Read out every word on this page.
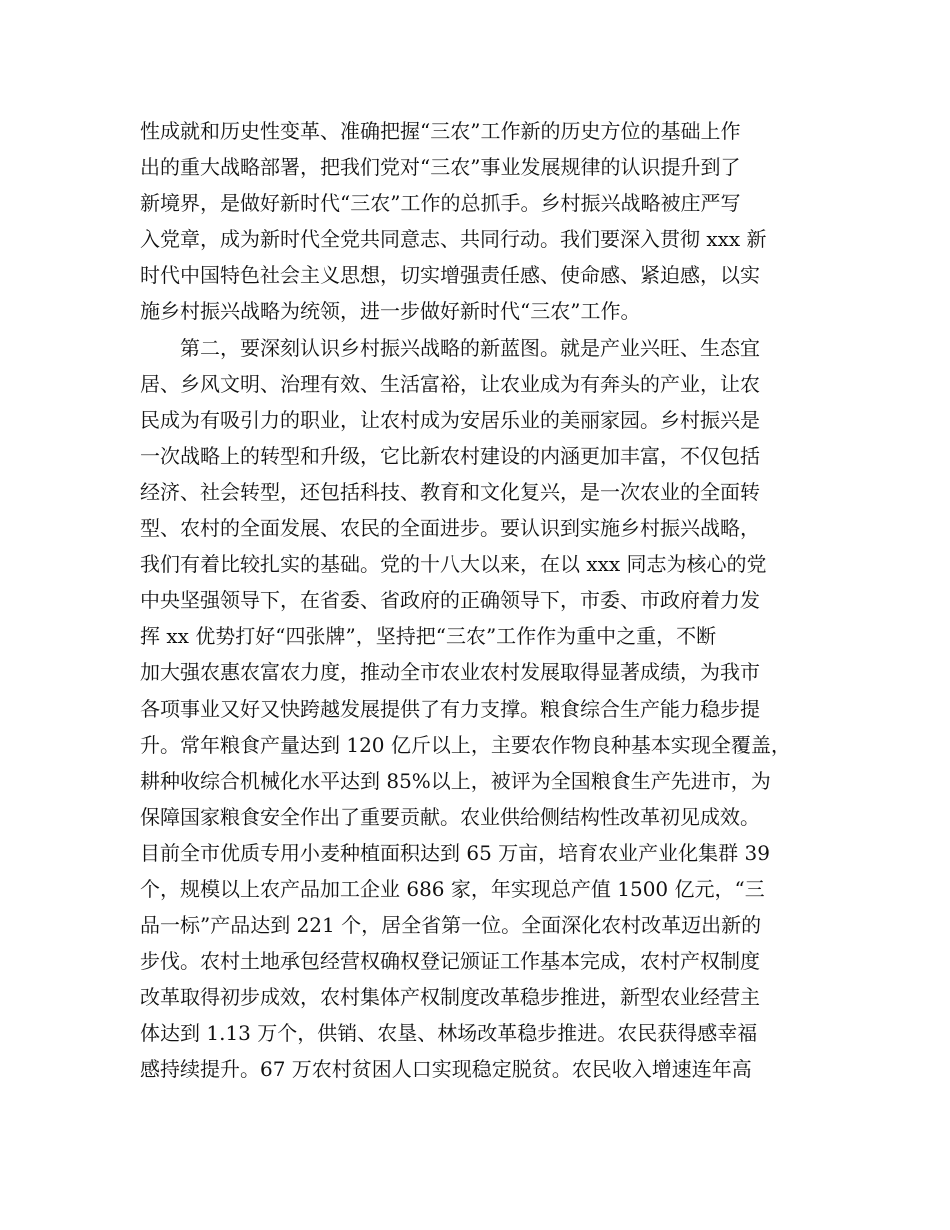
性成就和历史性变革、准确把握“三农”工作新的历史方位的基础上作
出的重大战略部署，把我们党对“三农”事业发展规律的认识提升到了
新境界，是做好新时代“三农”工作的总抓手。乡村振兴战略被庄严写
入党章，成为新时代全党共同意志、共同行动。我们要深入贯彻 xxx 新
时代中国特色社会主义思想，切实增强责任感、使命感、紧迫感，以实
施乡村振兴战略为统领，进一步做好新时代“三农”工作。
第二，要深刻认识乡村振兴战略的新蓝图。就是产业兴旺、生态宜
居、乡风文明、治理有效、生活富裕，让农业成为有奔头的产业，让农
民成为有吸引力的职业，让农村成为安居乐业的美丽家园。乡村振兴是
一次战略上的转型和升级，它比新农村建设的内涵更加丰富，不仅包括
经济、社会转型，还包括科技、教育和文化复兴，是一次农业的全面转
型、农村的全面发展、农民的全面进步。要认识到实施乡村振兴战略，
我们有着比较扎实的基础。党的十八大以来，在以 xxx 同志为核心的党
中央坚强领导下，在省委、省政府的正确领导下，市委、市政府着力发
挥 xx 优势打好“四张牌”，坚持把“三农”工作作为重中之重，不断
加大强农惠农富农力度，推动全市农业农村发展取得显著成绩，为我市
各项事业又好又快跨越发展提供了有力支撑。粮食综合生产能力稳步提
升。常年粮食产量达到 120 亿斤以上，主要农作物良种基本实现全覆盖，
耕种收综合机械化水平达到 85%以上，被评为全国粮食生产先进市，为
保障国家粮食安全作出了重要贡献。农业供给侧结构性改革初见成效。
目前全市优质专用小麦种植面积达到 65 万亩，培育农业产业化集群 39
个，规模以上农产品加工企业 686 家，年实现总产值 1500 亿元，“三
品一标”产品达到 221 个，居全省第一位。全面深化农村改革迈出新的
步伐。农村土地承包经营权确权登记颁证工作基本完成，农村产权制度
改革取得初步成效，农村集体产权制度改革稳步推进，新型农业经营主
体达到 1.13 万个，供销、农垦、林场改革稳步推进。农民获得感幸福
感持续提升。67 万农村贫困人口实现稳定脱贫。农民收入增速连年高
